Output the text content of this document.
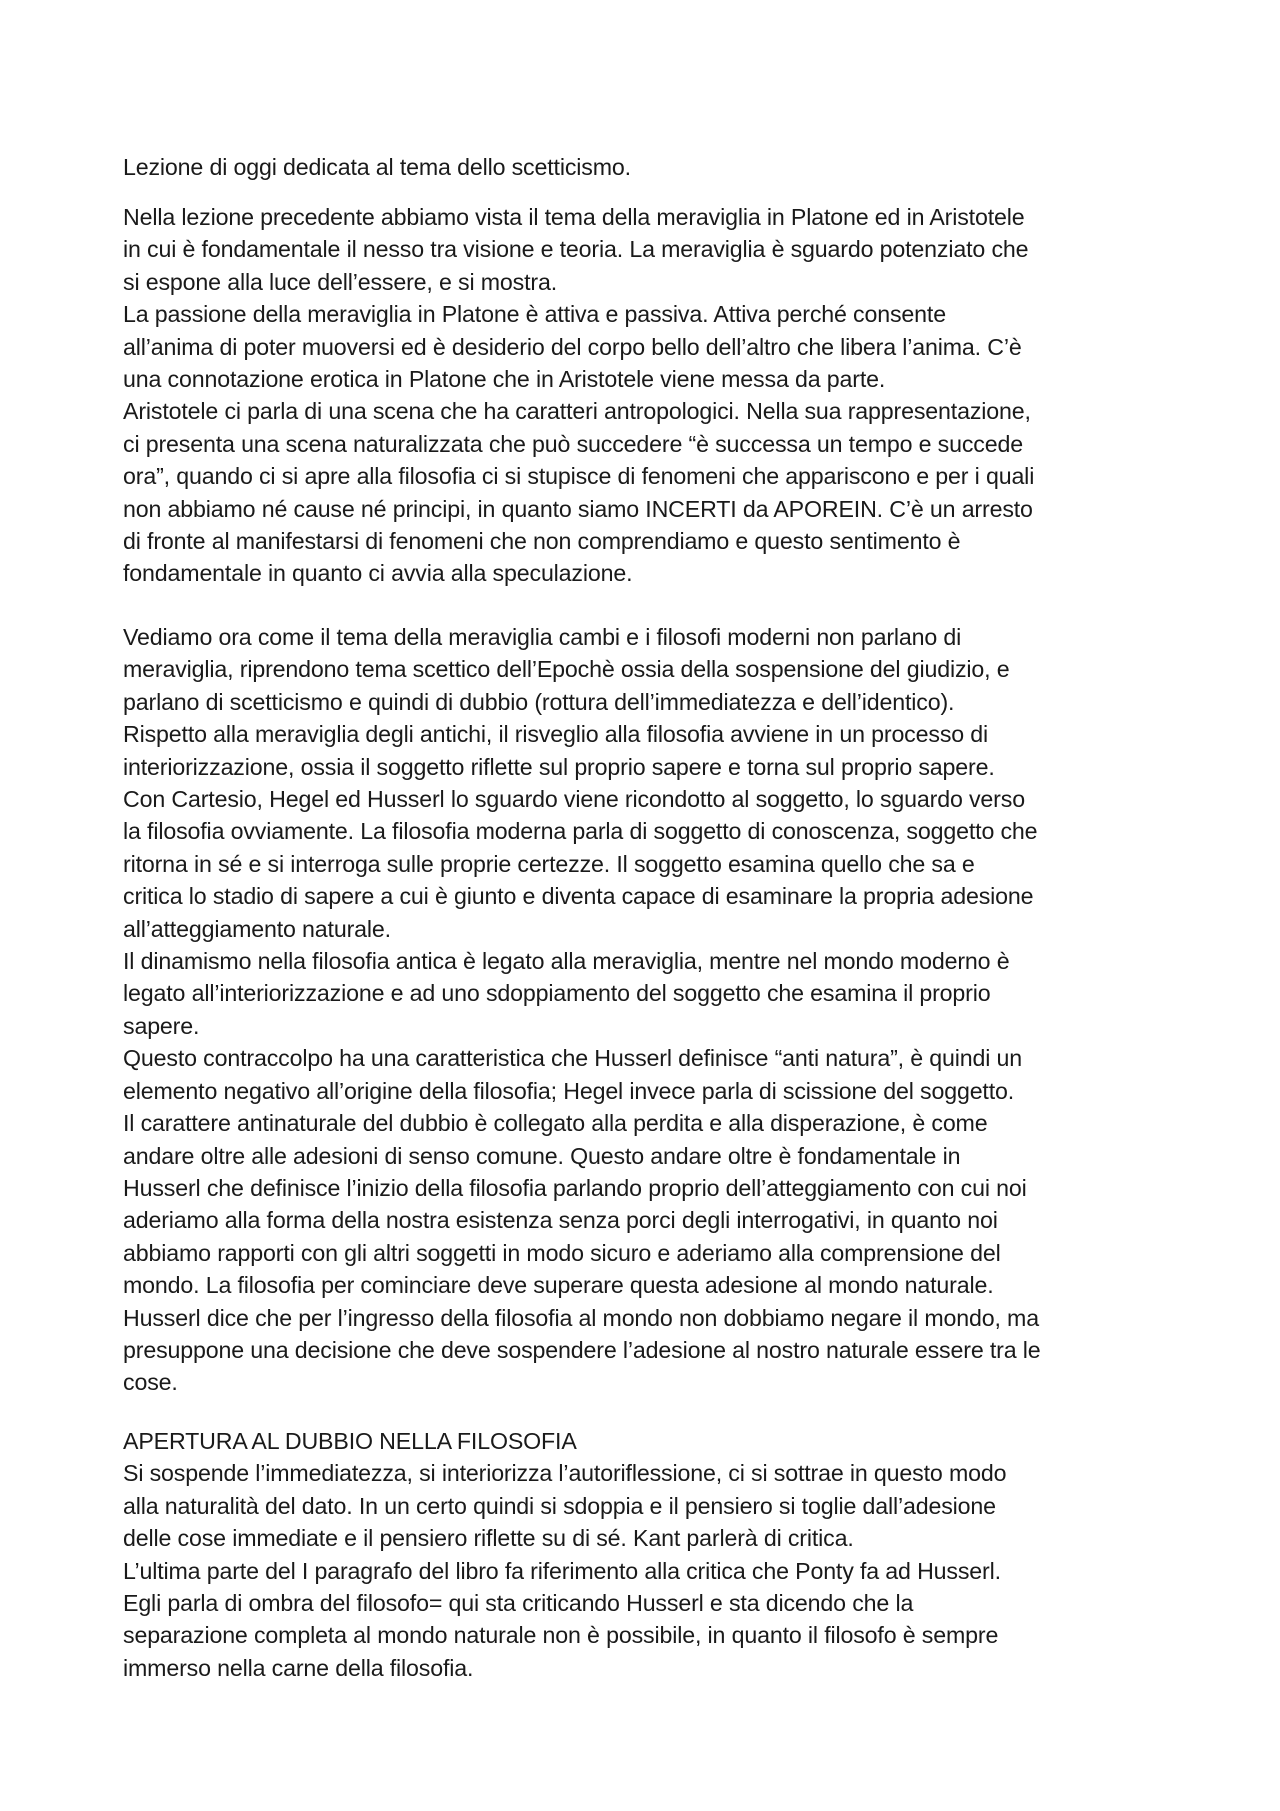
Lezione di oggi dedicata al tema dello scetticismo.

Nella lezione precedente abbiamo vista il tema della meraviglia in Platone ed in Aristotele
in cui è fondamentale il nesso tra visione e teoria. La meraviglia è sguardo potenziato che
si espone alla luce dell’essere, e si mostra.
La passione della meraviglia in Platone è attiva e passiva. Attiva perché consente
all’anima di poter muoversi ed è desiderio del corpo bello dell’altro che libera l’anima. C’è
una connotazione erotica in Platone che in Aristotele viene messa da parte.
Aristotele ci parla di una scena che ha caratteri antropologici. Nella sua rappresentazione,
ci presenta una scena naturalizzata che può succedere “è successa un tempo e succede
ora”, quando ci si apre alla filosofia ci si stupisce di fenomeni che appariscono e per i quali
non abbiamo né cause né principi, in quanto siamo INCERTI da APOREIN. C’è un arresto
di fronte al manifestarsi di fenomeni che non comprendiamo e questo sentimento è
fondamentale in quanto ci avvia alla speculazione.

Vediamo ora come il tema della meraviglia cambi e i filosofi moderni non parlano di
meraviglia, riprendono tema scettico dell’Epochè ossia della sospensione del giudizio, e
parlano di scetticismo e quindi di dubbio (rottura dell’immediatezza e dell’identico).
Rispetto alla meraviglia degli antichi, il risveglio alla filosofia avviene in un processo di
interiorizzazione, ossia il soggetto riflette sul proprio sapere e torna sul proprio sapere.
Con Cartesio, Hegel ed Husserl lo sguardo viene ricondotto al soggetto, lo sguardo verso
la filosofia ovviamente. La filosofia moderna parla di soggetto di conoscenza, soggetto che
ritorna in sé e si interroga sulle proprie certezze. Il soggetto esamina quello che sa e
critica lo stadio di sapere a cui è giunto e diventa capace di esaminare la propria adesione
all’atteggiamento naturale.
Il dinamismo nella filosofia antica è legato alla meraviglia, mentre nel mondo moderno è
legato all’interiorizzazione e ad uno sdoppiamento del soggetto che esamina il proprio
sapere.
Questo contraccolpo ha una caratteristica che Husserl definisce “anti natura”, è quindi un
elemento negativo all’origine della filosofia; Hegel invece parla di scissione del soggetto.
Il carattere antinaturale del dubbio è collegato alla perdita e alla disperazione, è come
andare oltre alle adesioni di senso comune. Questo andare oltre è fondamentale in
Husserl che definisce l’inizio della filosofia parlando proprio dell’atteggiamento con cui noi
aderiamo alla forma della nostra esistenza senza porci degli interrogativi, in quanto noi
abbiamo rapporti con gli altri soggetti in modo sicuro e aderiamo alla comprensione del
mondo. La filosofia per cominciare deve superare questa adesione al mondo naturale.
Husserl dice che per l’ingresso della filosofia al mondo non dobbiamo negare il mondo, ma
presuppone una decisione che deve sospendere l’adesione al nostro naturale essere tra le
cose.

APERTURA AL DUBBIO NELLA FILOSOFIA
Si sospende l’immediatezza, si interiorizza l’autoriflessione, ci si sottrae in questo modo
alla naturalità del dato. In un certo quindi si sdoppia e il pensiero si toglie dall’adesione
delle cose immediate e il pensiero riflette su di sé. Kant parlerà di critica.
L’ultima parte del I paragrafo del libro fa riferimento alla critica che Ponty fa ad Husserl.
Egli parla di ombra del filosofo= qui sta criticando Husserl e sta dicendo che la
separazione completa al mondo naturale non è possibile, in quanto il filosofo è sempre
immerso nella carne della filosofia.
